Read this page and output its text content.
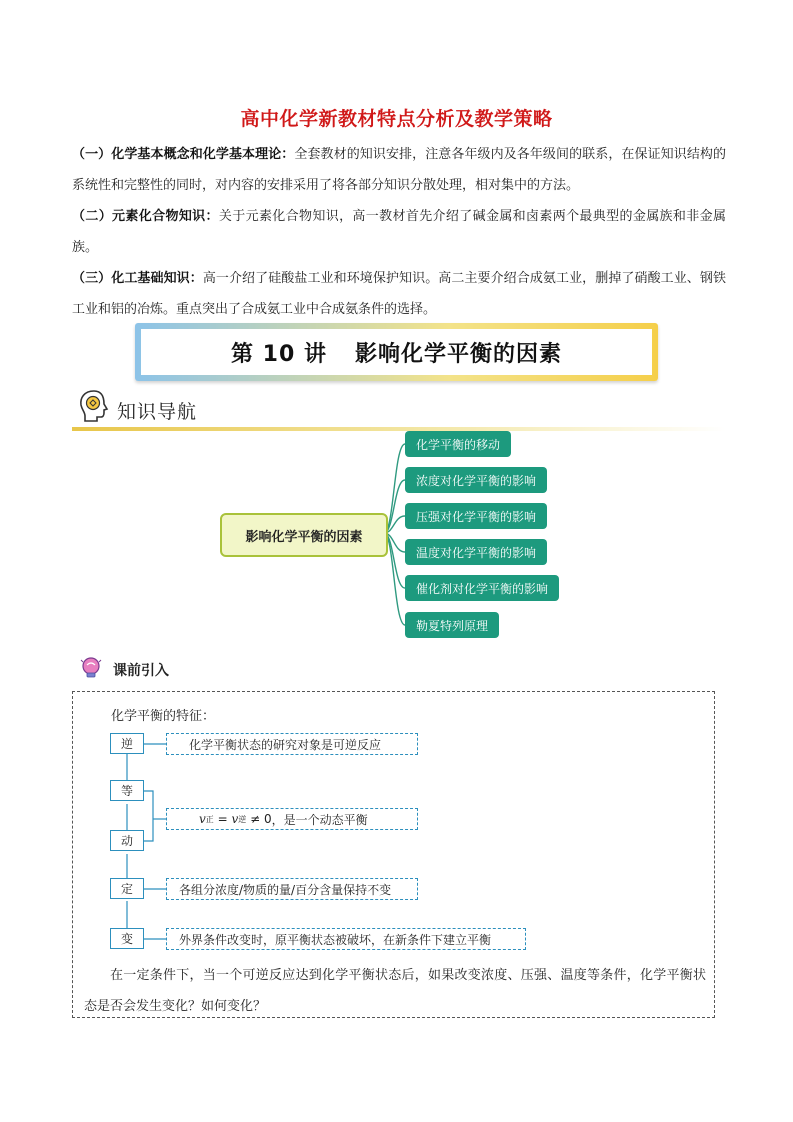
高中化学新教材特点分析及教学策略
（一）化学基本概念和化学基本理论：全套教材的知识安排，注意各年级内及各年级间的联系，在保证知识结构的系统性和完整性的同时，对内容的安排采用了将各部分知识分散处理，相对集中的方法。
（二）元素化合物知识：关于元素化合物知识，高一教材首先介绍了碱金属和卤素两个最典型的金属族和非金属族。
（三）化工基础知识：高一介绍了硅酸盐工业和环境保护知识。高二主要介绍合成氨工业，删掉了硝酸工业、钢铁工业和铝的冶炼。重点突出了合成氨工业中合成氨条件的选择。
第 10 讲 影响化学平衡的因素
知识导航
影响化学平衡的因素
化学平衡的移动
浓度对化学平衡的影响
压强对化学平衡的影响
温度对化学平衡的影响
催化剂对化学平衡的影响
勒夏特列原理
课前引入
化学平衡的特征：
逆
等
动
定
变
化学平衡状态的研究对象是可逆反应
v 正
=
v 逆
≠
0 ，是一个动态平衡
各组分浓度/物质的量/百分含量保持不变
外界条件改变时，原平衡状态被破坏，在新条件下建立平衡
在一定条件下，当一个可逆反应达到化学平衡状态后，如果改变浓度、压强、温度等条件，化学平衡状态是否会发生变化？如何变化？
